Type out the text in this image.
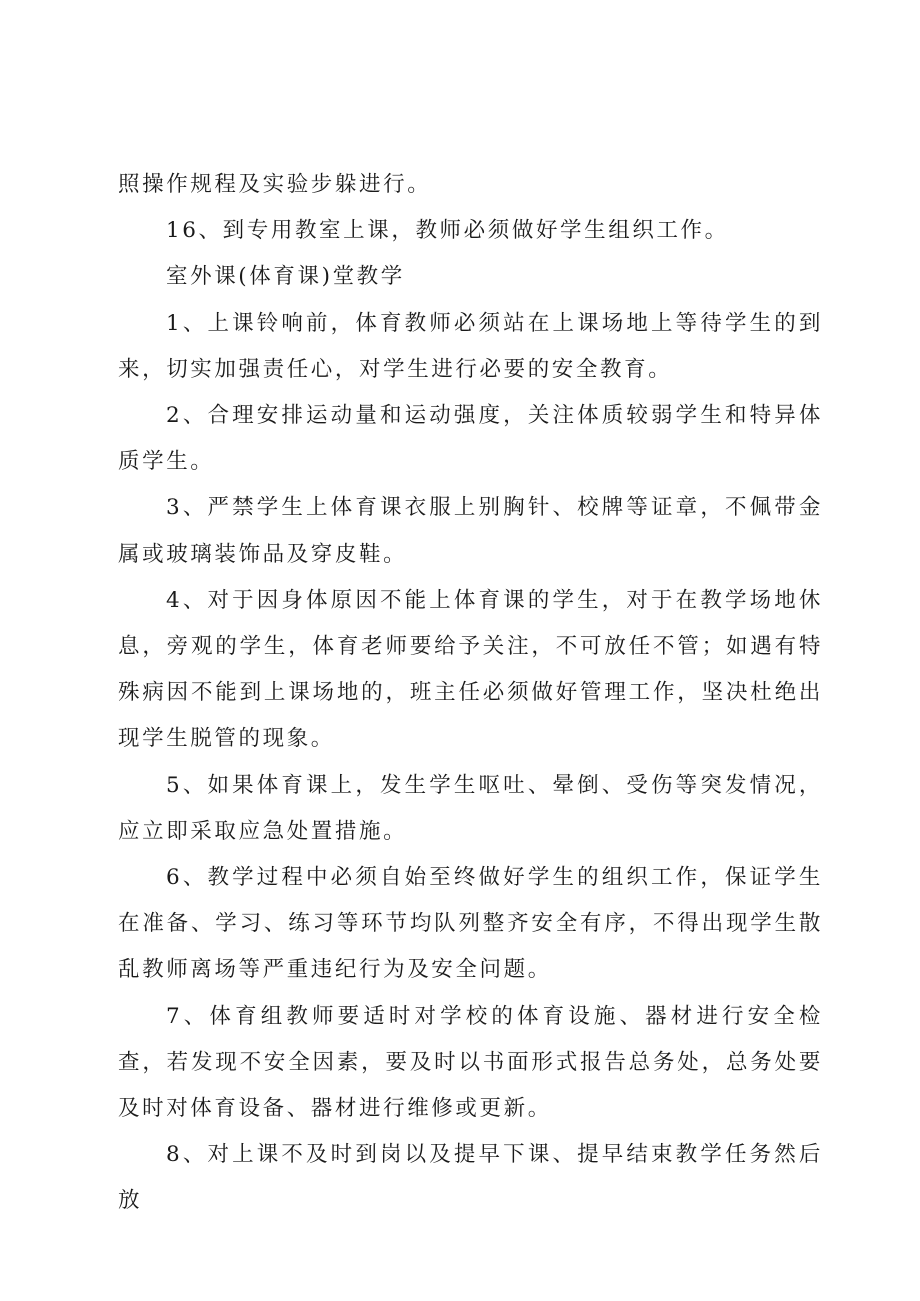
照操作规程及实验步躲进行。

16、到专用教室上课，教师必须做好学生组织工作。

室外课(体育课)堂教学

1、上课铃响前，体育教师必须站在上课场地上等待学生的到来，切实加强责任心，对学生进行必要的安全教育。

2、合理安排运动量和运动强度，关注体质较弱学生和特异体质学生。

3、严禁学生上体育课衣服上别胸针、校牌等证章，不佩带金属或玻璃装饰品及穿皮鞋。

4、对于因身体原因不能上体育课的学生，对于在教学场地休息，旁观的学生，体育老师要给予关注，不可放任不管；如遇有特殊病因不能到上课场地的，班主任必须做好管理工作，坚决杜绝出现学生脱管的现象。

5、如果体育课上，发生学生呕吐、晕倒、受伤等突发情况，应立即采取应急处置措施。

6、教学过程中必须自始至终做好学生的组织工作，保证学生在准备、学习、练习等环节均队列整齐安全有序，不得出现学生散乱教师离场等严重违纪行为及安全问题。

7、体育组教师要适时对学校的体育设施、器材进行安全检查，若发现不安全因素，要及时以书面形式报告总务处，总务处要及时对体育设备、器材进行维修或更新。

8、对上课不及时到岗以及提早下课、提早结束教学任务然后放
